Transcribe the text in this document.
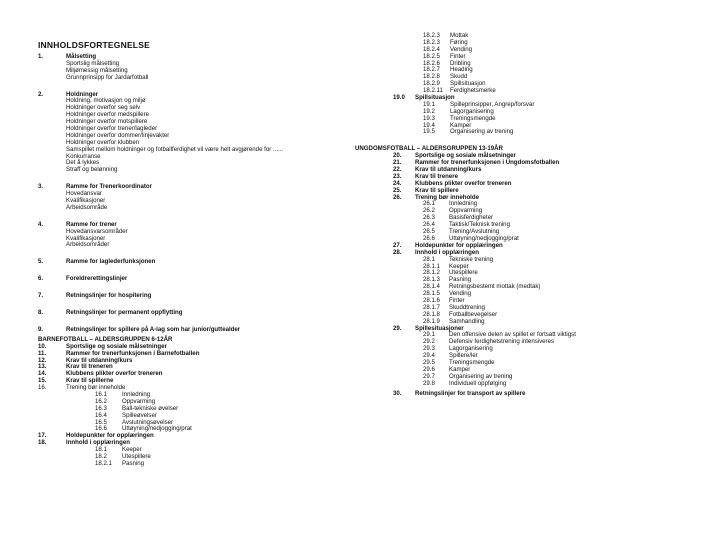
INNHOLDSFORTEGNELSE
1.	Målsetting
Sportslig målsetting
Miljømessig målsetting
Grunnprinsipp for Jardarfotball
2.	Holdninger
Holdning, motivasjon og miljø
Holdninger overfor seg selv
Holdninger overfor medspillere
Holdninger overfor motspillere
Holdninger overfor trener/lagleder
Holdninger overfor dommer/linjevakter
Holdninger overfor klubben
Samspillet mellom holdninger og fotballferdighet vil være helt avgjørende for ......
Konkurranse
Det å lykkes
Straff og belønning
3.	Ramme for Trenerkoordinator
Hovedansvar
Kvalifikasjoner
Arbeidsområde
4.	Ramme for trener
Hovedansvarsområder
Kvalifikasjoner
Arbeidsområder
5.	Ramme for laglederfunksjonen
6.	Foreldrerettingslinjer
7.	Retningslinjer for hospitering
8.	Retningslinjer for permanent oppflytting
9.	Retningslinjer for spillere på A-lag som har junior/guttealder
BARNEFOTBALL – ALDERSGRUPPEN 6-12ÅR
10.	Sportslige og sosiale målsetninger
11.	Rammer for trenerfunksjonen i Barnefotballen
12.	Krav til utdanning/kurs
13.	Krav til treneren
14.	Klubbens plikter overfor treneren
15.	Krav til spillerne
16.	Trening bør inneholde
16.1 Innledning
16.2 Oppvarming
16.3 Ball-tekniske øvelser
16.4 Spilleøvelser
16.5 Avslutningsøvelser
16.6 Uttøyning/nedjogging/prat
17.	Holdepunkter for opplæringen
18.	Innhold i opplæringen
18.1 Keeper
18.2 Utespillere
18.2.1 Pasning
18.2.3 Mottak
18.2.3 Føring
18.2.4 Vending
18.2.5 Finter
18.2.6 Dribling
18.2.7 Heading
18.2.8 Skudd
18.2.9 Spillsituasjon
18.2.11 Ferdighetsmerke
19.0 Spillsituasjon
19.1 Spilleprinsipper, Angrep/forsvar
19.2 Lagorganisering
19.3 Treningsmengde
19.4 Kamper
19.5 Organisering av trening
UNGDOMSFOTBALL – ALDERSGRUPPEN 13-19ÅR
20. Sportslige og sosiale målsetninger
21. Rammer for trenerfunksjonen i Ungdomsfotballen
22. Krav til utdanning/kurs
23. Krav til trenere
24. Klubbens plikter overfor treneren
25. Krav til spillere
26. Trening bør inneholde
26.1 Innledning
26.2 Oppvarming
26.3 Basisferdigheter
26.4 Taktisk/Teknisk trening
26.5 Trening/Avslutning
26.6 Uttøyning/nedjogging/prat
27. Holdepunkter for opplæringen
28. Innhold i opplæringen
28.1 Tekniske trening
28.1.1 Keeper
28.1.2 Utespillere
28.1.3 Pasning
28.1.4 Retningsbestemt mottak (medtak)
28.1.5 Vending
28.1.6 Finter
28.1.7 Skuddtrening
28.1.8 Fotballbevegelser
28.1.9 Samhandling
29. Spillesituasjoner
29.1 Den offensive delen av spillet er fortsatt viktigst
29.2 Defensiv ferdighetstrening intensiveres
29.3 Lagorganisering
29.4 Spillere/ler
29.5 Treningsmengde
29.6 Kamper
29.7 Organisering av trening
29.8 Individuell oppfølging
30. Retningslinjer for transport av spillere
